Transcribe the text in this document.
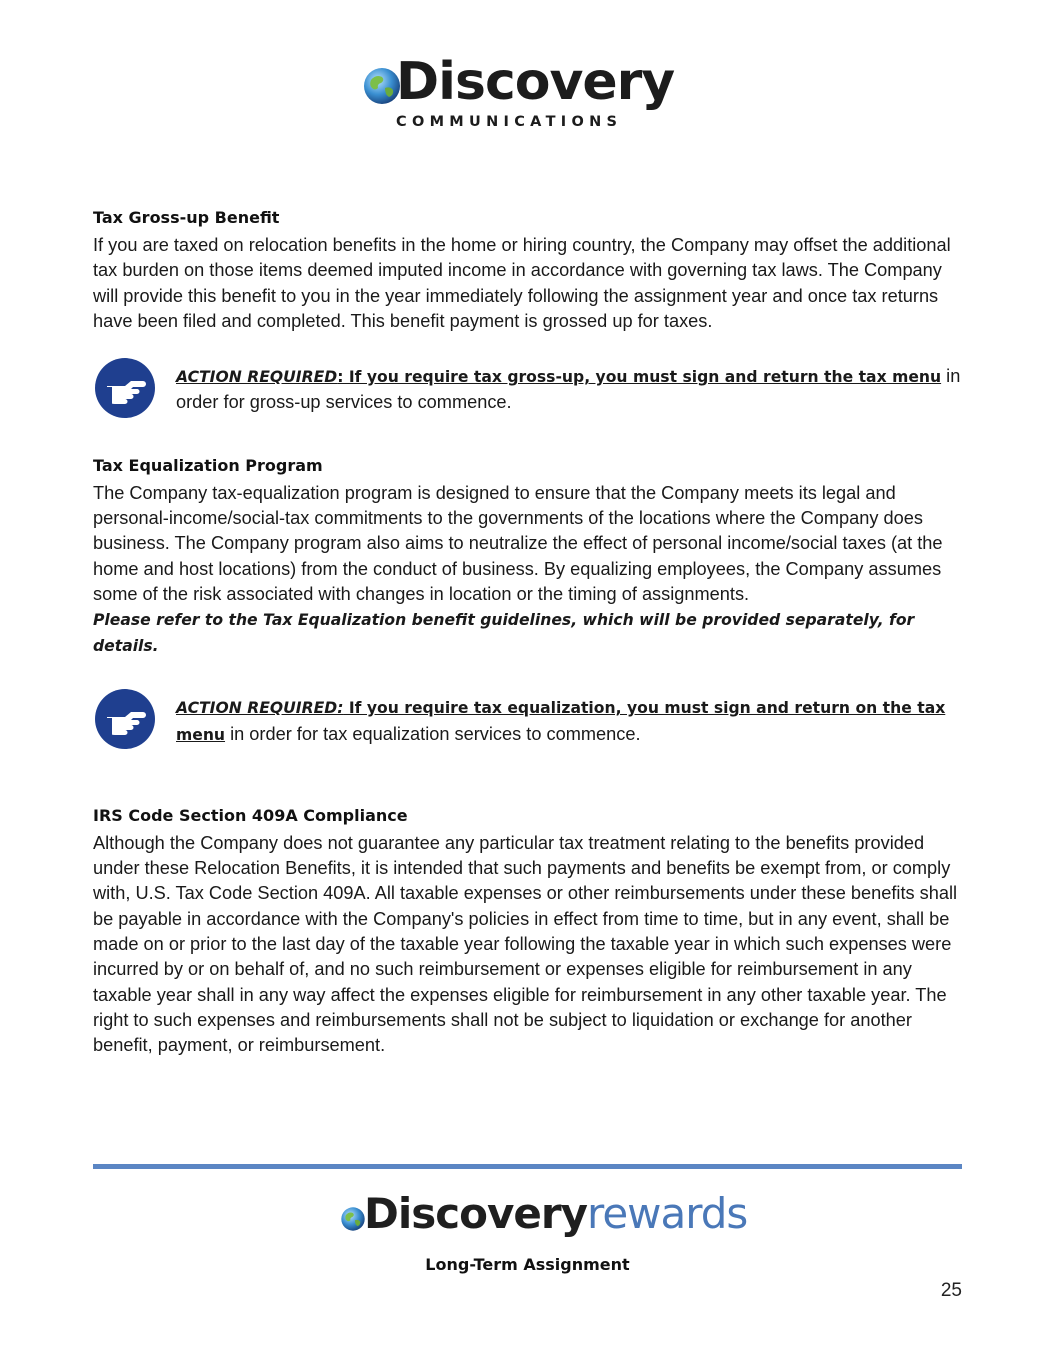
Discovery
COMMUNICATIONS
Tax Gross-up Benefit

If you are taxed on relocation benefits in the home or hiring country, the Company may offset the additional tax burden on those items deemed imputed income in accordance with governing tax laws. The Company will provide this benefit to you in the year immediately following the assignment year and once tax returns have been filed and completed. This benefit payment is grossed up for taxes.

ACTION REQUIRED: If you require tax gross-up, you must sign and return the tax menu in order for gross-up services to commence.
Tax Equalization Program

The Company tax-equalization program is designed to ensure that the Company meets its legal and personal-income/social-tax commitments to the governments of the locations where the Company does business. The Company program also aims to neutralize the effect of personal income/social taxes (at the home and host locations) from the conduct of business. By equalizing employees, the Company assumes some of the risk associated with changes in location or the timing of assignments.
Please refer to the Tax Equalization benefit guidelines, which will be provided separately, for details.

ACTION REQUIRED: If you require tax equalization, you must sign and return on the tax menu in order for tax equalization services to commence.
IRS Code Section 409A Compliance

Although the Company does not guarantee any particular tax treatment relating to the benefits provided under these Relocation Benefits, it is intended that such payments and benefits be exempt from, or comply with, U.S. Tax Code Section 409A. All taxable expenses or other reimbursements under these benefits shall be payable in accordance with the Company's policies in effect from time to time, but in any event, shall be made on or prior to the last day of the taxable year following the taxable year in which such expenses were incurred by or on behalf of, and no such reimbursement or expenses eligible for reimbursement in any taxable year shall in any way affect the expenses eligible for reimbursement in any other taxable year. The right to such expenses and reimbursements shall not be subject to liquidation or exchange for another benefit, payment, or reimbursement.

Discoveryrewards
Long-Term Assignment
25
